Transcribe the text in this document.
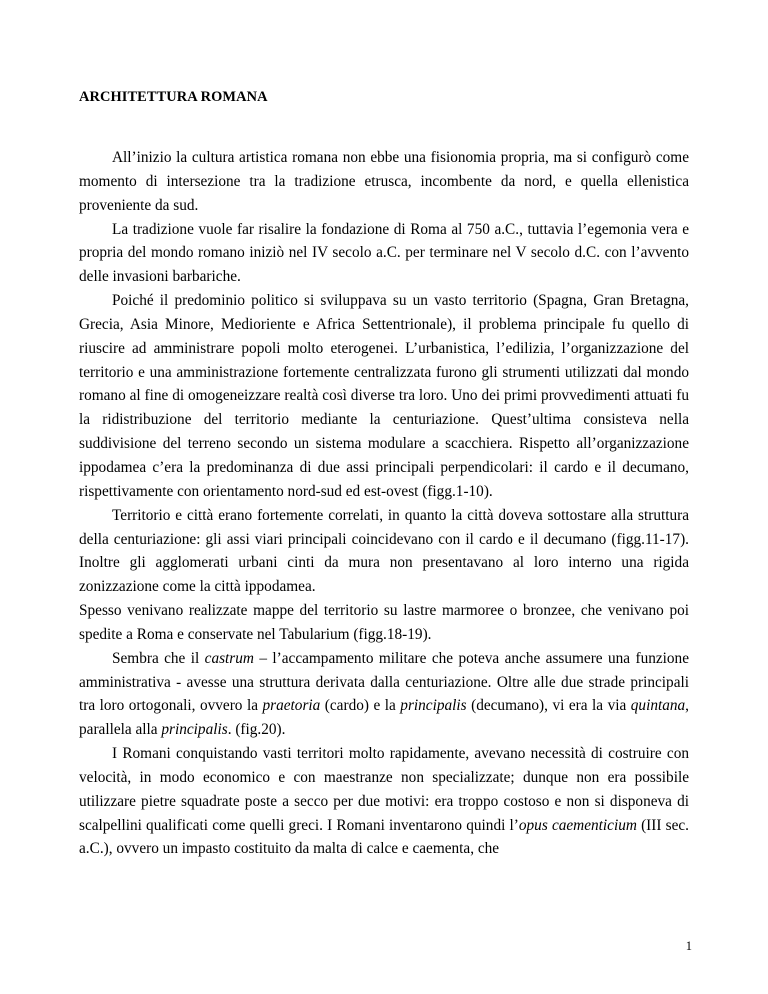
ARCHITETTURA ROMANA

All’inizio la cultura artistica romana non ebbe una fisionomia propria, ma si configurò come momento di intersezione tra la tradizione etrusca, incombente da nord, e quella ellenistica proveniente da sud.

La tradizione vuole far risalire la fondazione di Roma al 750 a.C., tuttavia l’egemonia vera e propria del mondo romano iniziò nel IV secolo a.C. per terminare nel V secolo d.C. con l’avvento delle invasioni barbariche.

Poiché il predominio politico si sviluppava su un vasto territorio (Spagna, Gran Bretagna, Grecia, Asia Minore, Medioriente e Africa Settentrionale), il problema principale fu quello di riuscire ad amministrare popoli molto eterogenei. L’urbanistica, l’edilizia, l’organizzazione del territorio e una amministrazione fortemente centralizzata furono gli strumenti utilizzati dal mondo romano al fine di omogeneizzare realtà così diverse tra loro. Uno dei primi provvedimenti attuati fu la ridistribuzione del territorio mediante la centuriazione. Quest’ultima consisteva nella suddivisione del terreno secondo un sistema modulare a scacchiera. Rispetto all’organizzazione ippodamea c’era la predominanza di due assi principali perpendicolari: il cardo e il decumano, rispettivamente con orientamento nord-sud ed est-ovest (figg.1-10).

Territorio e città erano fortemente correlati, in quanto la città doveva sottostare alla struttura della centuriazione: gli assi viari principali coincidevano con il cardo e il decumano (figg.11-17). Inoltre gli agglomerati urbani cinti da mura non presentavano al loro interno una rigida zonizzazione come la città ippodamea.

Spesso venivano realizzate mappe del territorio su lastre marmoree o bronzee, che venivano poi spedite a Roma e conservate nel Tabularium (figg.18-19).

Sembra che il castrum – l’accampamento militare che poteva anche assumere una funzione amministrativa - avesse una struttura derivata dalla centuriazione. Oltre alle due strade principali tra loro ortogonali, ovvero la praetoria (cardo) e la principalis (decumano), vi era la via quintana, parallela alla principalis. (fig.20).

I Romani conquistando vasti territori molto rapidamente, avevano necessità di costruire con velocità, in modo economico e con maestranze non specializzate; dunque non era possibile utilizzare pietre squadrate poste a secco per due motivi: era troppo costoso e non si disponeva di scalpellini qualificati come quelli greci. I Romani inventarono quindi l’opus caementicium (III sec. a.C.), ovvero un impasto costituito da malta di calce e caementa, che

1
